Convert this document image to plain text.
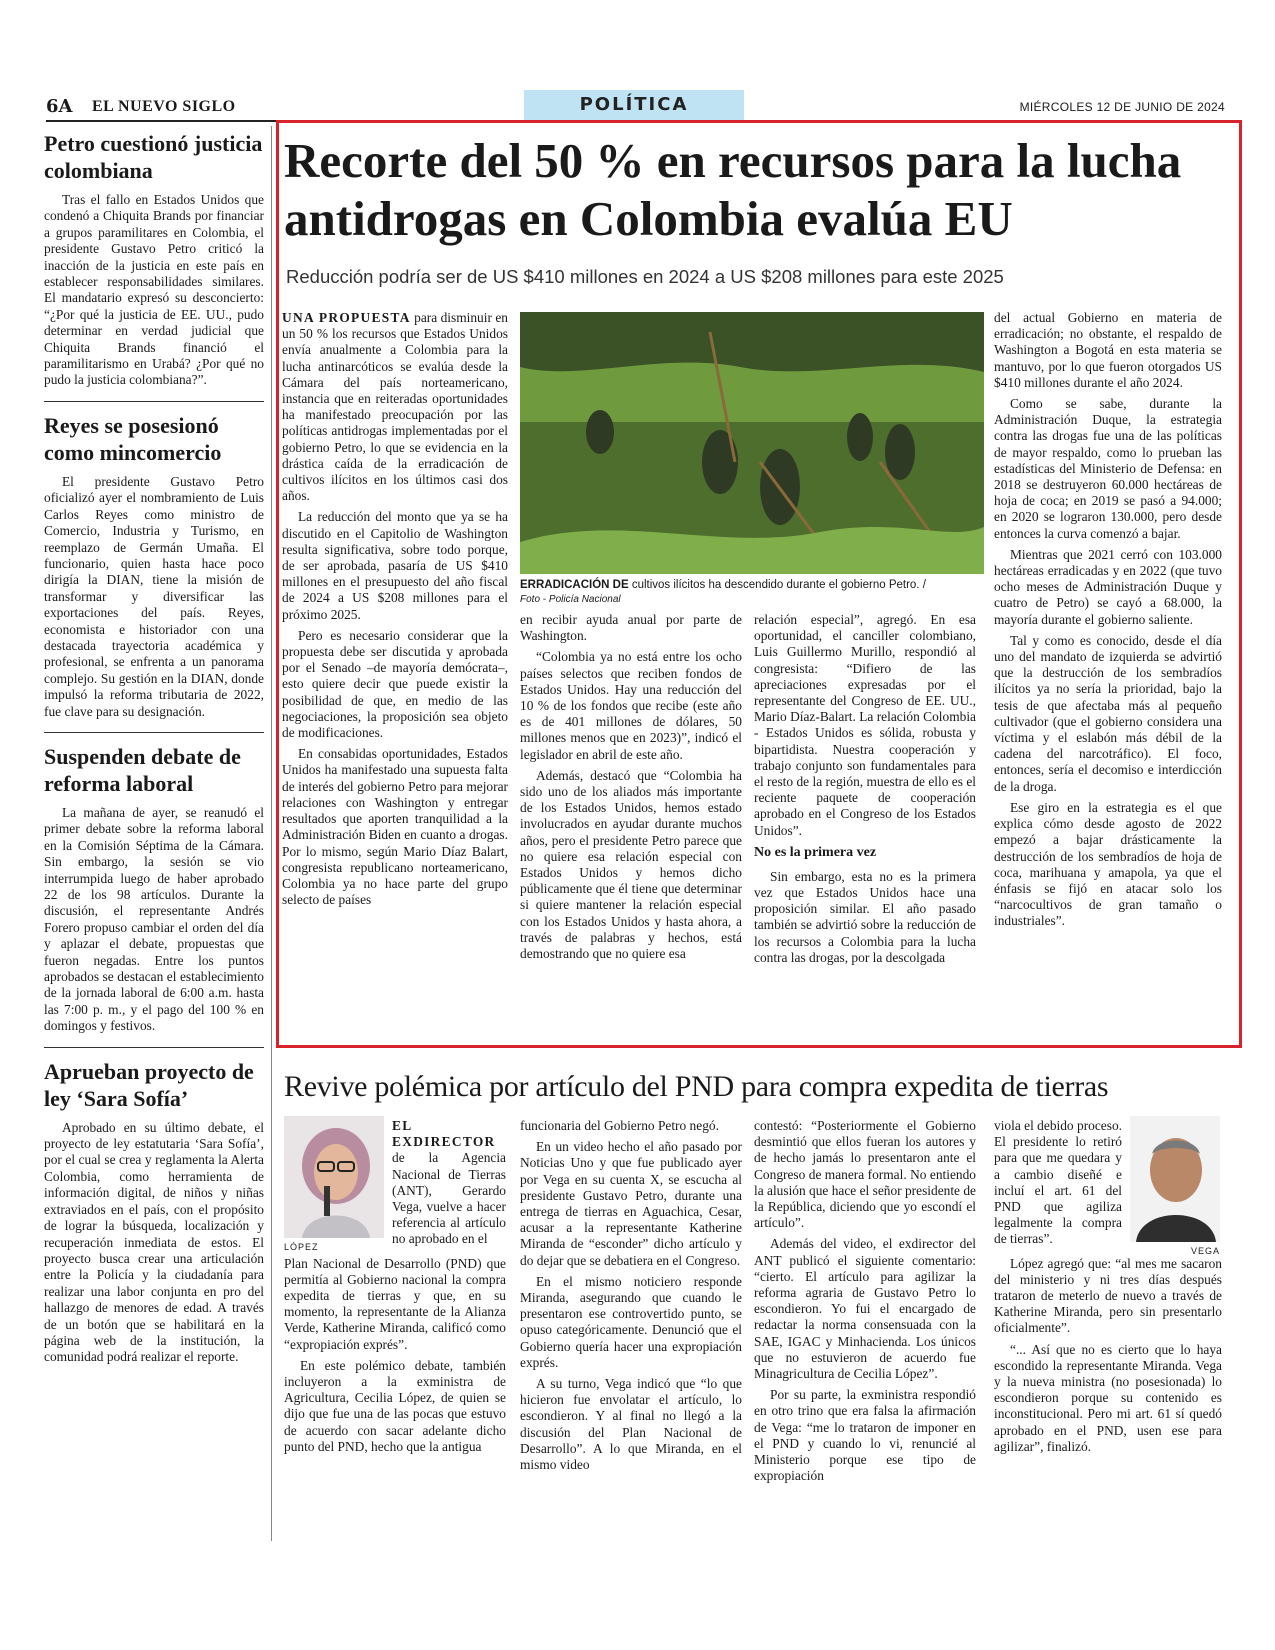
6A EL NUEVO SIGLO	POLÍTICA	MIÉRCOLES 12 DE JUNIO DE 2024
Petro cuestionó justicia colombiana

Tras el fallo en Estados Unidos que condenó a Chiquita Brands por financiar a grupos paramilitares en Colombia, el presidente Gustavo Petro criticó la inacción de la justicia en este país en establecer responsabilidades similares. El mandatario expresó su desconcierto: “¿Por qué la justicia de EE. UU., pudo determinar en verdad judicial que Chiquita Brands financió el paramilitarismo en Urabá? ¿Por qué no pudo la justicia colombiana?”.

Reyes se posesionó como mincomercio

El presidente Gustavo Petro oficializó ayer el nombramiento de Luis Carlos Reyes como ministro de Comercio, Industria y Turismo, en reemplazo de Germán Umaña. El funcionario, quien hasta hace poco dirigía la DIAN, tiene la misión de transformar y diversificar las exportaciones del país. Reyes, economista e historiador con una destacada trayectoria académica y profesional, se enfrenta a un panorama complejo. Su gestión en la DIAN, donde impulsó la reforma tributaria de 2022, fue clave para su designación.

Suspenden debate de reforma laboral

La mañana de ayer, se reanudó el primer debate sobre la reforma laboral en la Comisión Séptima de la Cámara. Sin embargo, la sesión se vio interrumpida luego de haber aprobado 22 de los 98 artículos. Durante la discusión, el representante Andrés Forero propuso cambiar el orden del día y aplazar el debate, propuestas que fueron negadas. Entre los puntos aprobados se destacan el establecimiento de la jornada laboral de 6:00 a.m. hasta las 7:00 p. m., y el pago del 100 % en domingos y festivos.

Aprueban proyecto de ley ‘Sara Sofía’

Aprobado en su último debate, el proyecto de ley estatutaria ‘Sara Sofía’, por el cual se crea y reglamenta la Alerta Colombia, como herramienta de información digital, de niños y niñas extraviados en el país, con el propósito de lograr la búsqueda, localización y recuperación inmediata de estos. El proyecto busca crear una articulación entre la Policía y la ciudadanía para realizar una labor conjunta en pro del hallazgo de menores de edad. A través de un botón que se habilitará en la página web de la institución, la comunidad podrá realizar el reporte.

Recorte del 50 % en recursos para la lucha antidrogas en Colombia evalúa EU
Reducción podría ser de US $410 millones en 2024 a US $208 millones para este 2025

UNA PROPUESTA para disminuir en un 50 % los recursos que Estados Unidos envía anualmente a Colombia para la lucha antinarcóticos se evalúa desde la Cámara del país norteamericano, instancia que en reiteradas oportunidades ha manifestado preocupación por las políticas antidrogas implementadas por el gobierno Petro, lo que se evidencia en la drástica caída de la erradicación de cultivos ilícitos en los últimos casi dos años.

La reducción del monto que ya se ha discutido en el Capitolio de Washington resulta significativa, sobre todo porque, de ser aprobada, pasaría de US $410 millones en el presupuesto del año fiscal de 2024 a US $208 millones para el próximo 2025.

Pero es necesario considerar que la propuesta debe ser discutida y aprobada por el Senado –de mayoría demócrata–, esto quiere decir que puede existir la posibilidad de que, en medio de las negociaciones, la proposición sea objeto de modificaciones.

En consabidas oportunidades, Estados Unidos ha manifestado una supuesta falta de interés del gobierno Petro para mejorar relaciones con Washington y entregar resultados que aporten tranquilidad a la Administración Biden en cuanto a drogas. Por lo mismo, según Mario Díaz Balart, congresista republicano norteamericano, Colombia ya no hace parte del grupo selecto de países

ERRADICACIÓN DE cultivos ilícitos ha descendido durante el gobierno Petro. /
Foto - Policía Nacional

en recibir ayuda anual por parte de Washington.

“Colombia ya no está entre los ocho países selectos que reciben fondos de Estados Unidos. Hay una reducción del 10 % de los fondos que recibe (este año es de 401 millones de dólares, 50 millones menos que en 2023)”, indicó el legislador en abril de este año.

Además, destacó que “Colombia ha sido uno de los aliados más importante de los Estados Unidos, hemos estado involucrados en ayudar durante muchos años, pero el presidente Petro parece que no quiere esa relación especial con Estados Unidos y hemos dicho públicamente que él tiene que determinar si quiere mantener la relación especial con los Estados Unidos y hasta ahora, a través de palabras y hechos, está demostrando que no quiere esa

relación especial”, agregó. En esa oportunidad, el canciller colombiano, Luis Guillermo Murillo, respondió al congresista: “Difiero de las apreciaciones expresadas por el representante del Congreso de EE. UU., Mario Díaz-Balart. La relación Colombia - Estados Unidos es sólida, robusta y bipartidista. Nuestra cooperación y trabajo conjunto son fundamentales para el resto de la región, muestra de ello es el reciente paquete de cooperación aprobado en el Congreso de los Estados Unidos”.

No es la primera vez

Sin embargo, esta no es la primera vez que Estados Unidos hace una proposición similar. El año pasado también se advirtió sobre la reducción de los recursos a Colombia para la lucha contra las drogas, por la descolgada

del actual Gobierno en materia de erradicación; no obstante, el respaldo de Washington a Bogotá en esta materia se mantuvo, por lo que fueron otorgados US $410 millones durante el año 2024.

Como se sabe, durante la Administración Duque, la estrategia contra las drogas fue una de las políticas de mayor respaldo, como lo prueban las estadísticas del Ministerio de Defensa: en 2018 se destruyeron 60.000 hectáreas de hoja de coca; en 2019 se pasó a 94.000; en 2020 se lograron 130.000, pero desde entonces la curva comenzó a bajar.

Mientras que 2021 cerró con 103.000 hectáreas erradicadas y en 2022 (que tuvo ocho meses de Administración Duque y cuatro de Petro) se cayó a 68.000, la mayoría durante el gobierno saliente.

Tal y como es conocido, desde el día uno del mandato de izquierda se advirtió que la destrucción de los sembradíos ilícitos ya no sería la prioridad, bajo la tesis de que afectaba más al pequeño cultivador (que el gobierno considera una víctima y el eslabón más débil de la cadena del narcotráfico). El foco, entonces, sería el decomiso e interdicción de la droga.

Ese giro en la estrategia es el que explica cómo desde agosto de 2022 empezó a bajar drásticamente la destrucción de los sembradíos de hoja de coca, marihuana y amapola, ya que el énfasis se fijó en atacar solo los “narcocultivos de gran tamaño o industriales”.

Revive polémica por artículo del PND para compra expedita de tierras
LÓPEZ
EL EXDIRECTOR de la Agencia Nacional de Tierras (ANT), Gerardo Vega, vuelve a hacer referencia al artículo no aprobado en el

Plan Nacional de Desarrollo (PND) que permitía al Gobierno nacional la compra expedita de tierras y que, en su momento, la representante de la Alianza Verde, Katherine Miranda, calificó como “expropiación exprés”.

En este polémico debate, también incluyeron a la exministra de Agricultura, Cecilia López, de quien se dijo que fue una de las pocas que estuvo de acuerdo con sacar adelante dicho punto del PND, hecho que la antigua

funcionaria del Gobierno Petro negó.

En un video hecho el año pasado por Noticias Uno y que fue publicado ayer por Vega en su cuenta X, se escucha al presidente Gustavo Petro, durante una entrega de tierras en Aguachica, Cesar, acusar a la representante Katherine Miranda de “esconder” dicho artículo y do dejar que se debatiera en el Congreso.

En el mismo noticiero responde Miranda, asegurando que cuando le presentaron ese controvertido punto, se opuso categóricamente. Denunció que el Gobierno quería hacer una expropiación exprés.

A su turno, Vega indicó que “lo que hicieron fue envolatar el artículo, lo escondieron. Y al final no llegó a la discusión del Plan Nacional de Desarrollo”. A lo que Miranda, en el mismo video

contestó: “Posteriormente el Gobierno desmintió que ellos fueran los autores y de hecho jamás lo presentaron ante el Congreso de manera formal. No entiendo la alusión que hace el señor presidente de la República, diciendo que yo escondí el artículo”.

Además del video, el exdirector del ANT publicó el siguiente comentario: “cierto. El artículo para agilizar la reforma agraria de Gustavo Petro lo escondieron. Yo fui el encargado de redactar la norma consensuada con la SAE, IGAC y Minhacienda. Los únicos que no estuvieron de acuerdo fue Minagricultura de Cecilia López”.

Por su parte, la exministra respondió en otro trino que era falsa la afirmación de Vega: “me lo trataron de imponer en el PND y cuando lo vi, renuncié al Ministerio porque ese tipo de expropiación

VEGA
viola el debido proceso. El presidente lo retiró para que me quedara y a cambio diseñé e incluí el art. 61 del PND que agiliza legalmente la compra de tierras”.

López agregó que: “al mes me sacaron del ministerio y ni tres días después trataron de meterlo de nuevo a través de Katherine Miranda, pero sin presentarlo oficialmente”.

“... Así que no es cierto que lo haya escondido la representante Miranda. Vega y la nueva ministra (no posesionada) lo escondieron porque su contenido es inconstitucional. Pero mi art. 61 sí quedó aprobado en el PND, usen ese para agilizar”, finalizó.
